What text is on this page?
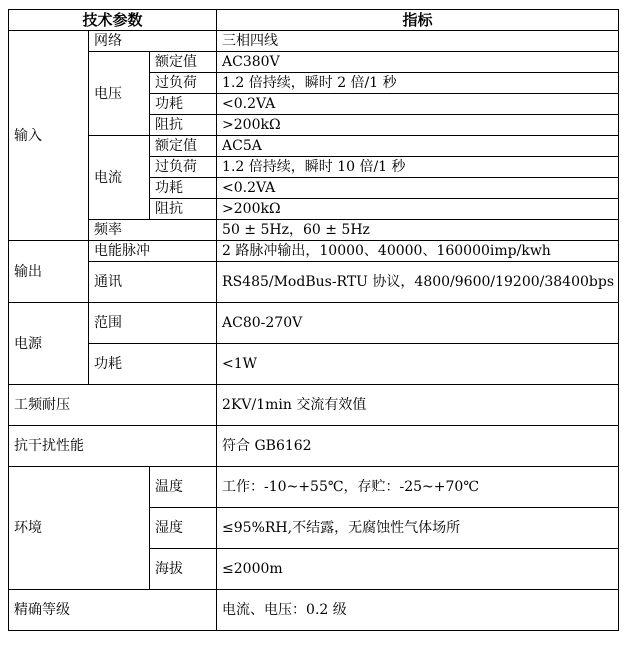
技术参数			指标
输入	网络		三相四线
	电压	额定值	AC380V
		过负荷	1.2 倍持续，瞬时 2 倍/1 秒
		功耗	<0.2VA
		阻抗	>200kΩ
	电流	额定值	AC5A
		过负荷	1.2 倍持续，瞬时 10 倍/1 秒
		功耗	<0.2VA
		阻抗	>200kΩ
	频率		50 ± 5Hz，60 ± 5Hz
输出	电能脉冲		2 路脉冲输出，10000、40000、160000imp/kwh
	通讯		RS485/ModBus-RTU 协议，4800/9600/19200/38400bps
电源	范围		AC80-270V
	功耗		<1W
工频耐压			2KV/1min 交流有效值
抗干扰性能			符合 GB6162
环境		温度	工作：-10~+55℃，存贮：-25~+70℃
		湿度	≤95%RH,不结露，无腐蚀性气体场所
		海拔	≤2000m
精确等级			电流、电压：0.2 级
